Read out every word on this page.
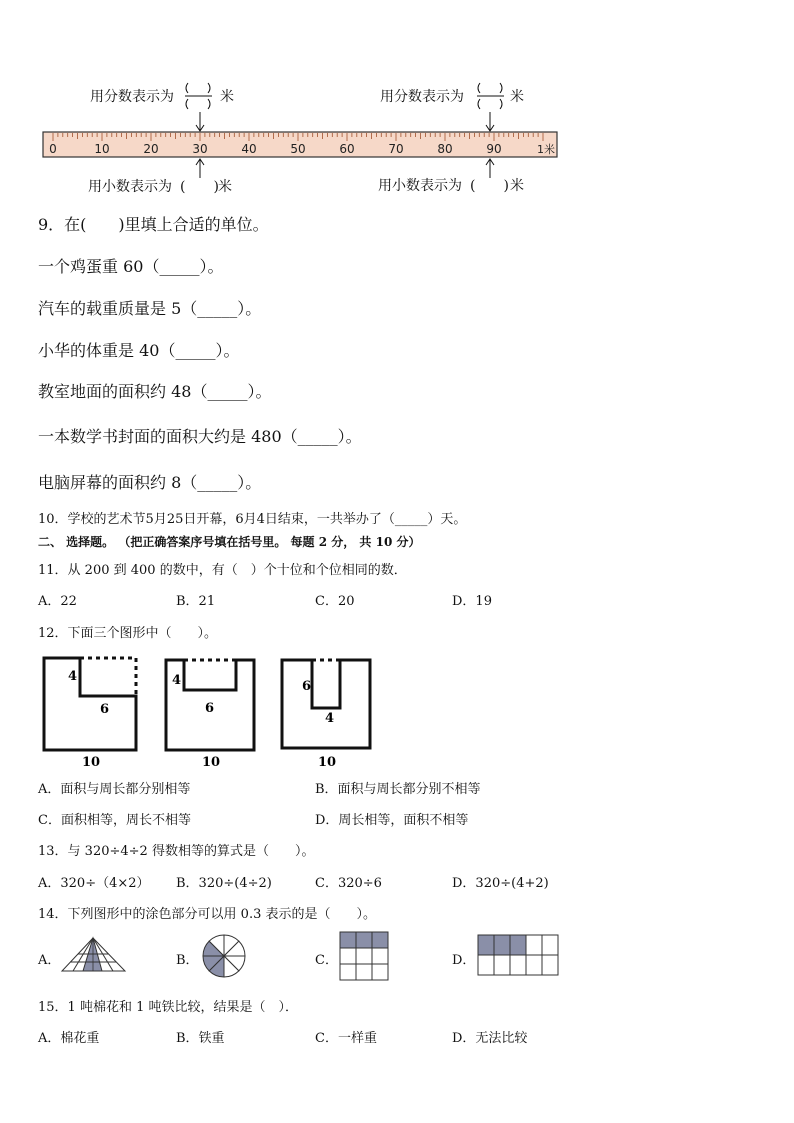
用分数表示为	米	用分数表示为	米
0	10	20	30	40	50	60	70	80	90	1米
用小数表示为 (　　) 米	用小数表示为 (　　) 米
9．在(　　)里填上合适的单位。
一个鸡蛋重 60（_____）。
汽车的载重质量是 5（_____）。
小华的体重是 40（_____）。
教室地面的面积约 48（_____）。
一本数学书封面的面积大约是 480（_____）。
电脑屏幕的面积约 8（_____）。
10．学校的艺术节5月25日开幕，6月4日结束，一共举办了（_____）天。
二、 选择题。 （把正确答案序号填在括号里。 每题 2 分， 共 10 分）
11．从 200 到 400 的数中，有（　）个十位和个位相同的数．
A．22	B．21	C．20	D．19
12．下面三个图形中（　　）。
4
6
10
4
6
10
6
4
10
A．面积与周长都分别相等	B．面积与周长都分别不相等
C．面积相等，周长不相等	D．周长相等，面积不相等
13．与 320÷4÷2 得数相等的算式是（　　）。
A．320÷（4×2） B．320÷(4÷2)	C．320÷6	D．320÷(4+2)
14．下列图形中的涂色部分可以用 0.3 表示的是（　　）。
A．	B．	C．	D．
15．1 吨棉花和 1 吨铁比较，结果是（　）．
A．棉花重	B．铁重	C．一样重	D．无法比较
